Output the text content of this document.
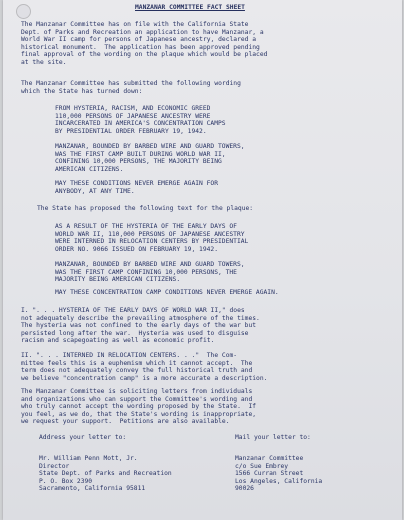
MANZANAR COMMITTEE FACT SHEET

The Manzanar Committee has on file with the California State
Dept. of Parks and Recreation an application to have Manzanar, a
World War II camp for persons of Japanese ancestry, declared a
historical monument.  The application has been approved pending
final approval of the wording on the plaque which would be placed
at the site.

The Manzanar Committee has submitted the following wording
which the State has turned down:

FROM HYSTERIA, RACISM, AND ECONOMIC GREED
110,000 PERSONS OF JAPANESE ANCESTRY WERE
INCARCERATED IN AMERICA'S CONCENTRATION CAMPS
BY PRESIDENTIAL ORDER FEBRUARY 19, 1942.

MANZANAR, BOUNDED BY BARBED WIRE AND GUARD TOWERS,
WAS THE FIRST CAMP BUILT DURING WORLD WAR II,
CONFINING 10,000 PERSONS, THE MAJORITY BEING
AMERICAN CITIZENS.

MAY THESE CONDITIONS NEVER EMERGE AGAIN FOR
ANYBODY, AT ANY TIME.

The State has proposed the following text for the plaque:

AS A RESULT OF THE HYSTERIA OF THE EARLY DAYS OF
WORLD WAR II, 110,000 PERSONS OF JAPANESE ANCESTRY
WERE INTERNED IN RELOCATION CENTERS BY PRESIDENTIAL
ORDER NO. 9066 ISSUED ON FEBRUARY 19, 1942.

MANZANAR, BOUNDED BY BARBED WIRE AND GUARD TOWERS,
WAS THE FIRST CAMP CONFINING 10,000 PERSONS, THE
MAJORITY BEING AMERICAN CITIZENS.

MAY THESE CONCENTRATION CAMP CONDITIONS NEVER EMERGE AGAIN.

I. ". . . HYSTERIA OF THE EARLY DAYS OF WORLD WAR II," does
not adequately describe the prevailing atmosphere of the times.
The hysteria was not confined to the early days of the war but
persisted long after the war.  Hysteria was used to disguise
racism and scapegoating as well as economic profit.

II. ". . . INTERNED IN RELOCATION CENTERS. . ."  The Com-
mittee feels this is a euphemism which it cannot accept.  The
term does not adequately convey the full historical truth and
we believe "concentration camp" is a more accurate a description.

The Manzanar Committee is soliciting letters from individuals
and organizations who can support the Committee's wording and
who truly cannot accept the wording proposed by the State.  If
you feel, as we do, that the State's wording is inappropriate,
we request your support.  Petitions are also available.

Address your letter to:

Mr. William Penn Mott, Jr.
Director
State Dept. of Parks and Recreation
P. O. Box 2390
Sacramento, California 95811

Mail your letter to:

Manzanar Committee
c/o Sue Embrey
1566 Curran Street
Los Angeles, California
90026
